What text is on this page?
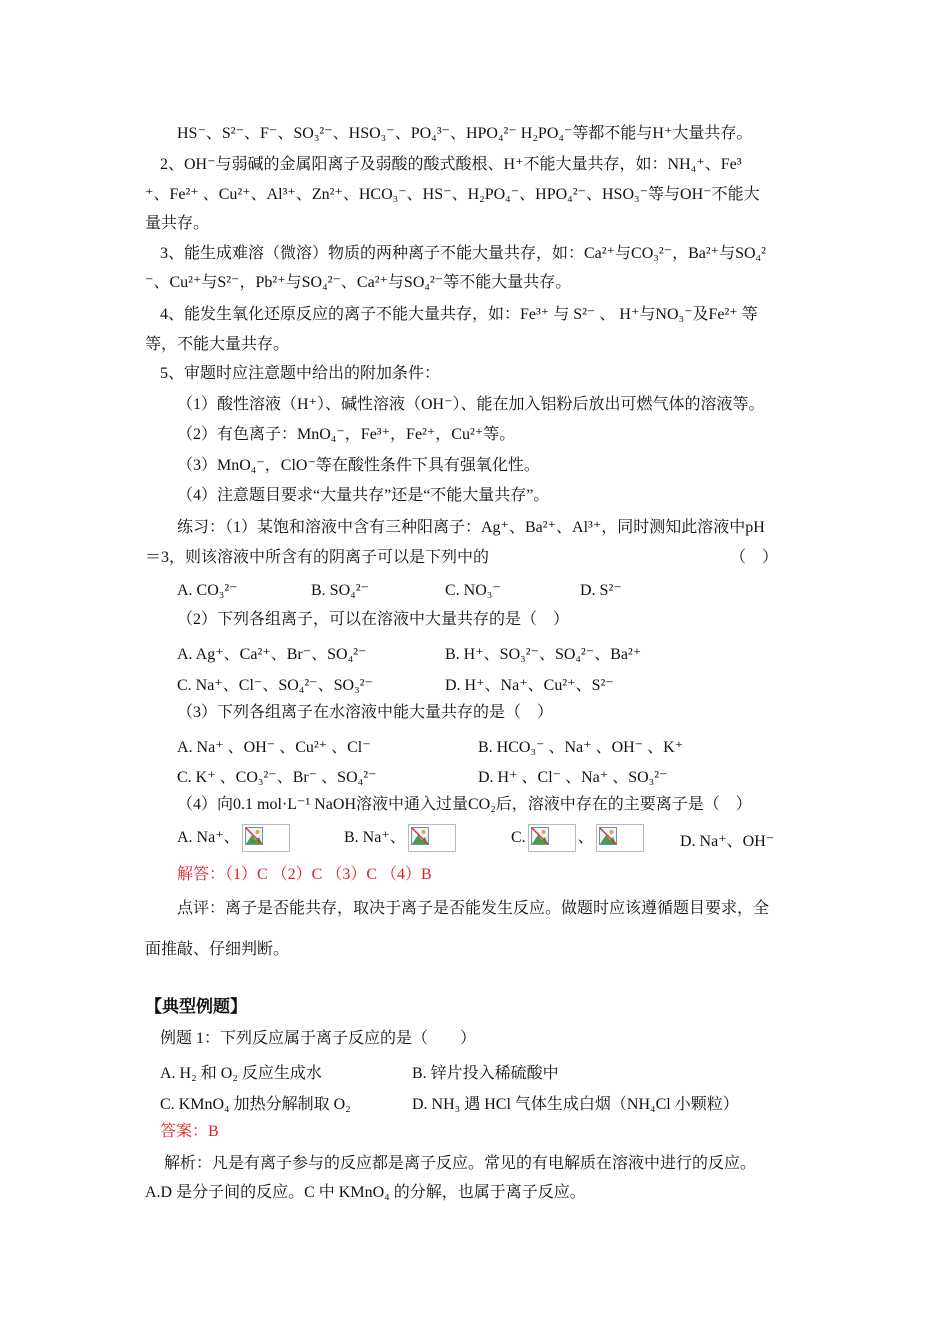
HS⁻、S²⁻、F⁻、SO₃²⁻、HSO₃⁻、PO₄³⁻、HPO₄²⁻ H₂PO₄⁻等都不能与H⁺大量共存。
2、OH⁻与弱碱的金属阳离子及弱酸的酸式酸根、H⁺不能大量共存，如：NH₄⁺、Fe³
⁺、Fe²⁺ 、Cu²⁺、Al³⁺、Zn²⁺、HCO₃⁻、HS⁻、H₂PO₄⁻、HPO₄²⁻、HSO₃⁻等与OH⁻不能大
量共存。
3、能生成难溶（微溶）物质的两种离子不能大量共存，如：Ca²⁺与CO₃²⁻，Ba²⁺与SO₄²
⁻、Cu²⁺与S²⁻，Pb²⁺与SO₄²⁻、Ca²⁺与SO₄²⁻等不能大量共存。
4、能发生氧化还原反应的离子不能大量共存，如：Fe³⁺ 与 S²⁻ 、 H⁺与NO₃⁻及Fe²⁺ 等
等，不能大量共存。
5、审题时应注意题中给出的附加条件：
（1）酸性溶液（H⁺）、碱性溶液（OH⁻）、能在加入铝粉后放出可燃气体的溶液等。
（2）有色离子：MnO₄⁻，Fe³⁺，Fe²⁺，Cu²⁺等。
（3）MnO₄⁻，ClO⁻等在酸性条件下具有强氧化性。
（4）注意题目要求“大量共存”还是“不能大量共存”。
练习：（1）某饱和溶液中含有三种阳离子：Ag⁺、Ba²⁺、Al³⁺，同时测知此溶液中pH
＝3，则该溶液中所含有的阴离子可以是下列中的	（　）
A. CO₃²⁻	B. SO₄²⁻	C. NO₃⁻	D. S²⁻
（2）下列各组离子，可以在溶液中大量共存的是（　）
A. Ag⁺、Ca²⁺、Br⁻、SO₄²⁻	B. H⁺、SO₃²⁻、SO₄²⁻、Ba²⁺
C. Na⁺、Cl⁻、SO₄²⁻、SO₃²⁻	D. H⁺、Na⁺、Cu²⁺、S²⁻
（3）下列各组离子在水溶液中能大量共存的是（　）
A. Na⁺ 、OH⁻ 、Cu²⁺ 、Cl⁻	B. HCO₃⁻ 、Na⁺ 、OH⁻ 、K⁺
C. K⁺ 、CO₃²⁻、Br⁻ 、SO₄²⁻	D. H⁺ 、Cl⁻ 、Na⁺ 、SO₃²⁻
（4）向0.1 mol·L⁻¹ NaOH溶液中通入过量CO₂后，溶液中存在的主要离子是（　）
A. Na⁺、	B. Na⁺、	C.	、	D. Na⁺、OH⁻
解答：（1）C （2）C （3）C （4）B
点评：离子是否能共存，取决于离子是否能发生反应。做题时应该遵循题目要求，全
面推敲、仔细判断。
【典型例题】
例题 1：下列反应属于离子反应的是（　　）
A. H₂ 和 O₂ 反应生成水	B. 锌片投入稀硫酸中
C. KMnO₄ 加热分解制取 O₂	D. NH₃ 遇 HCl 气体生成白烟（NH₄Cl 小颗粒）
答案：B
解析：凡是有离子参与的反应都是离子反应。常见的有电解质在溶液中进行的反应。
A.D 是分子间的反应。C 中 KMnO₄ 的分解，也属于离子反应。
